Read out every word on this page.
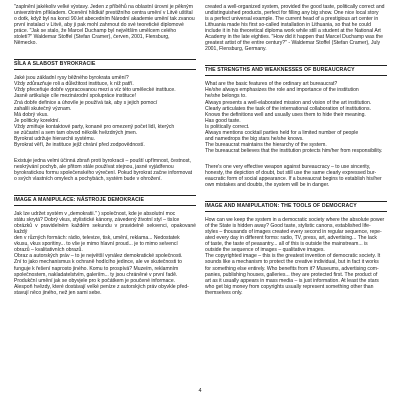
"zaplnění jakékoliv velké výstavy. Jeden z příběhů na oblastní úrovni je pěkným
univerzitním příkladem. Ocenění hlídkář prestižního centra umění v Litvě uštítal
o dotk, když byl na konci 90.let abecedním Národní akademie umění tak zvanou
první instalaci v Litvě, aby ji pak mohl zahrnout do své teoretické diplomové
práce. "Jak se stalo, že Marcel Duchamp byl největším umělcem celého
století?" Waldemar Stoffel (Stefan Cramer), červen, 2001, Flensburg,
Německo.

SÍLA A SLABOST BYROKRACIE

Jaké jsou základní rysy běžného byrokrata umění?
Vždy zdůrazňuje roli a důležitost instituce, k níž patří.
Vždy přeceňuje dobře vypracovanou mezi a víz této umělecké instituce.
Jasně artikuluje cíle mezinárodní spolupráce instituce!
Zná dobře definice a úhovíle je používá tak, aby s jejich pomocí
zahalili skutečný význam.
Má dobrý vkus.
Je politicky korektní.
Vždy zmiňuje kontaktové party, konané pro omezený počet lidí, kterých
se zúčastní a sem tam obvod několik hvězdných jmen.
Byrokrat udržuje hierarchii systému.
Byrokrat věří, že instituce jejíž chrání před zodpovědností.

Existuje jedna velmi účinná zbraň proti byrokracii – pouští upřímnost, čestnost,
neskrývání pochyb, ale přitom stále používat stejnou, jasné vyjádřenou
byrokratickou formu společenského výrečení. Pokud byrokrat začne informovat
o svých vlastních omylech a pochybách, systém bude v ohrožení.

IMAGE A MANIPULACE: NÁSTROJE DEMOKRACIE

Jak lze udržet systém v „demokratii." ) společnost, kde je absolutní moc
státu skrytá? Dobrý vkus, stylistické kánony, závedený životní styl – tisíce
obrázků v pravidelném každém sekundu v pravidelně sekvenci, opakované každý
den v různých formách: rádio, televize, tisk, umění, reklama... Nedostatek
vkusu, vkus sporitiny... to vše je mimo hlavní proud... je to mimo selvencí
obrazů – kvalitativních obrazů.
Obraz a autorských práv – to je největší vynález demokratické společnosti.
Zní to jako mechanismus k ochraně hodícího jedince, ale ve skutečnosti to
funguje k řešení naprosto jiného. Komu to prospívá? Muzeím, reklamním
společnostem, nakladatelstvím, galeriím... ty jsou chráněné v první řadě.
Produkční umění jak se obyvjele pro k počátkem je poučené informace.
Alespoň hvězdy, které dostávají velké peníze z autorských práv obyvkle před-
stavují něco jiného, než jen sami sebe.

created a well-organized system, provided the good taste, politically correct and
undistinguished products, perfect for filling any big show. One nice local story
is a perfect universal example. The current head of a prestigious art center in
Lithuania made his first so-called installation in Lithuania, so that he could
include it in his theoretical diploma work while still a student at the National Art
Academy in the late eighties. "How did it happen that Marcel Duchamp was the
greatest artist of the entire century?" - Waldemar Stoffel (Stefan Cramer), July
2001, Flensburg, Germany.

THE STRENGTHS AND WEAKNESSES OF BUREAUCRACY

What are the basic features of the ordinary art bureaucrat?
He/she always emphasizes the role and importance of the institution
he/she belongs to.
Always presents a well-elaborated mission and vision of the art institution.
Clearly articulates the task of the international collaboration of institutions.
Knows the definitions well and usually uses them to hide their meaning.
Has good taste.
Is politically correct.
Always mentions cocktail parties held for a limited number of people
and namedrops the big stars he/she knows.
The bureaucrat maintains the hierarchy of the system.
The bureaucrat believes that the institution protects him/her from responsibility.

There's one very effective weapon against bureaucracy – to use sincerity,
honesty, the depiction of doubt, but still use the same clearly expressed bur-
eaucratic form of social appearance. If a bureaucrat begins to establish his/her
own mistakes and doubts, the system will be in danger.

IMAGE AND MANIPULATION: THE TOOLS OF DEMOCRACY

How can we keep the system in a democratic society where the absolute power
of the State is hidden away? Good taste, stylistic canons, established life-
styles – thousands of images created every second in regular sequence, repe-
ated every day in different forms: radio, TV, press, art, advertising... The lack
of taste, the taste of peasantry... all of this is outside the mainstream... is
outside the sequence of images – qualitative images.
The copyrighted image – this is the greatest invention of democratic society. It
sounds like a mechanism to protect the creative individual, but in fact it works
for something else entirely. Who benefits from it? Museums, advertising com-
panies, publishing houses, galleries... they are protected first. The product of
art as it usually appears in mass media – is just information. At least the stars
who get big money from copyrights usually represent something other than
themselves only.

4
